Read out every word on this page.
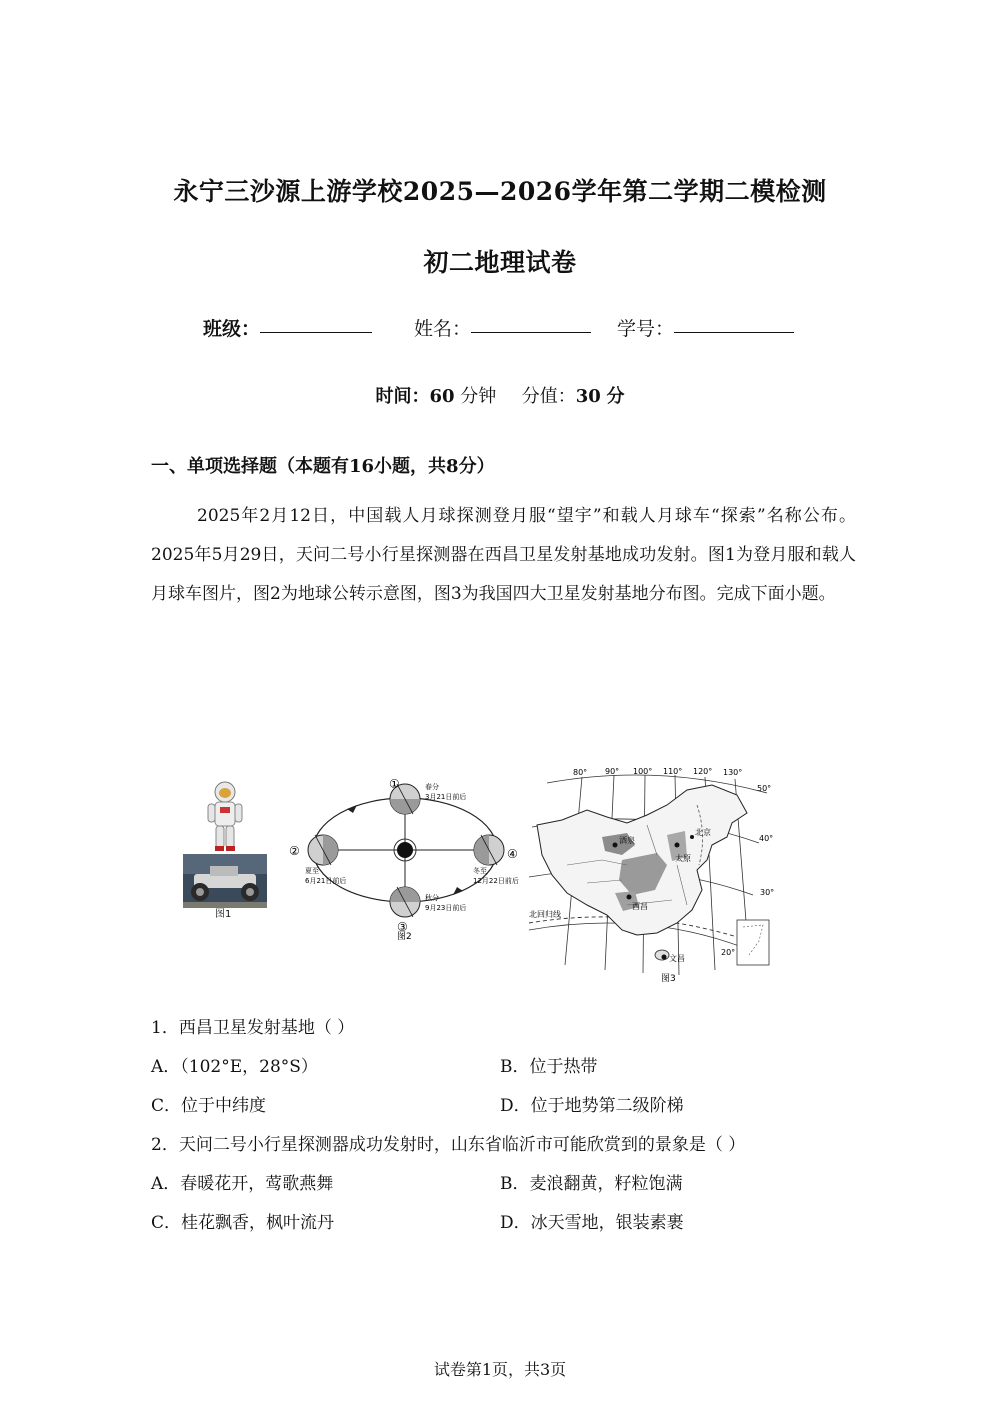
永宁三沙源上游学校2025—2026学年第二学期二模检测
初二地理试卷
班级：	姓名：	学号：
时间：60 分钟 分值：30 分
一、单项选择题（本题有16小题，共8分）
2025年2月12日，中国载人月球探测登月服“望宇”和载人月球车“探索”名称公布。2025年5月29日，天问二号小行星探测器在西昌卫星发射基地成功发射。图1为登月服和载人月球车图片，图2为地球公转示意图，图3为我国四大卫星发射基地分布图。完成下面小题。
图1
①
②
③
④
春分
3月21日前后
夏至
6月21日前后
秋分
9月23日前后
冬至
12月22日前后
图2
酒泉
太原
北京
西昌
文昌
80° 90° 100° 110° 120° 130°
50°
40°
30°
20°
北回归线
图3
1．西昌卫星发射基地（ ）
A．（102°E，28°S）	B．位于热带
C．位于中纬度	D．位于地势第二级阶梯
2．天问二号小行星探测器成功发射时，山东省临沂市可能欣赏到的景象是（ ）
A．春暖花开，莺歌燕舞	B．麦浪翻黄，籽粒饱满
C．桂花飘香，枫叶流丹	D．冰天雪地，银装素裹
试卷第1页，共3页
